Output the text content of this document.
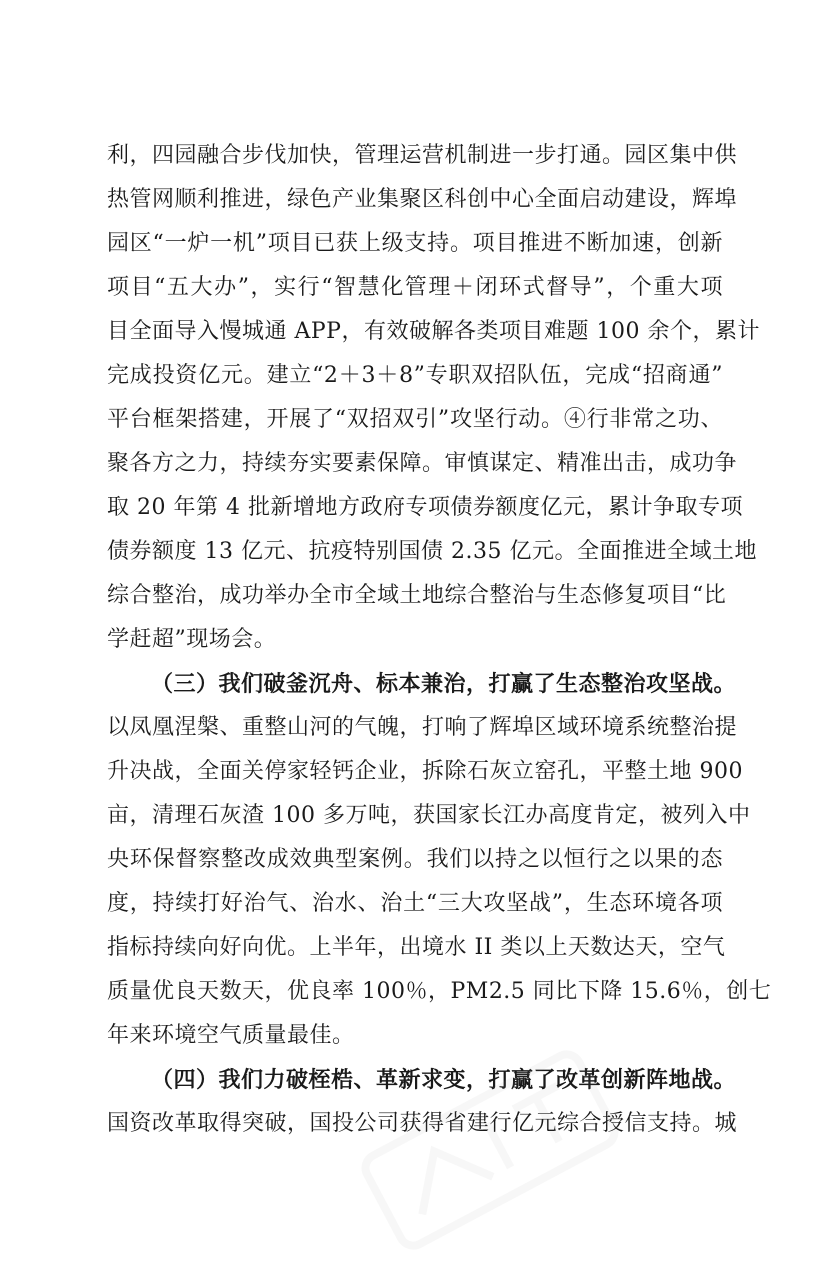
利，四园融合步伐加快，管理运营机制进一步打通。园区集中供
热管网顺利推进，绿色产业集聚区科创中心全面启动建设，辉埠
园区“一炉一机”项目已获上级支持。项目推进不断加速，创新
项目“五大办”，实行“智慧化管理＋闭环式督导”，个重大项
目全面导入慢城通 APP，有效破解各类项目难题 100 余个，累计
完成投资亿元。建立“2＋3＋8”专职双招队伍，完成“招商通”
平台框架搭建，开展了“双招双引”攻坚行动。④行非常之功、
聚各方之力，持续夯实要素保障。审慎谋定、精准出击，成功争
取 20 年第 4 批新增地方政府专项债券额度亿元，累计争取专项
债券额度 13 亿元、抗疫特别国债 2.35 亿元。全面推进全域土地
综合整治，成功举办全市全域土地综合整治与生态修复项目“比
学赶超”现场会。
（三）我们破釜沉舟、标本兼治，打赢了生态整治攻坚战。
以凤凰涅槃、重整山河的气魄，打响了辉埠区域环境系统整治提
升决战，全面关停家轻钙企业，拆除石灰立窑孔，平整土地 900
亩，清理石灰渣 100 多万吨，获国家长江办高度肯定，被列入中
央环保督察整改成效典型案例。我们以持之以恒行之以果的态
度，持续打好治气、治水、治土“三大攻坚战”，生态环境各项
指标持续向好向优。上半年，出境水 II 类以上天数达天，空气
质量优良天数天，优良率 100％，PM2.5 同比下降 15.6％，创七
年来环境空气质量最佳。
（四）我们力破桎梏、革新求变，打赢了改革创新阵地战。
国资改革取得突破，国投公司获得省建行亿元综合授信支持。城
